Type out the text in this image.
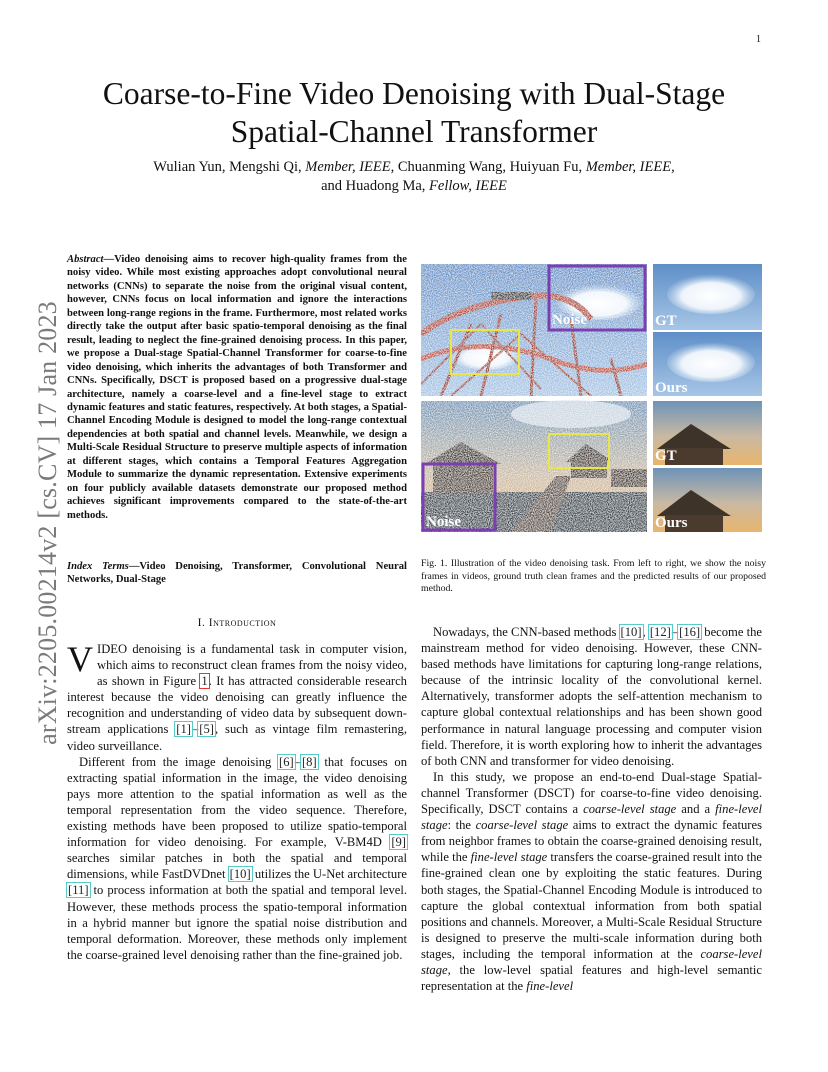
1
arXiv:2205.00214v2 [cs.CV] 17 Jan 2023
Coarse-to-Fine Video Denoising with Dual-Stage
Spatial-Channel Transformer
Wulian Yun, Mengshi Qi, Member, IEEE, Chuanming Wang, Huiyuan Fu, Member, IEEE,
and Huadong Ma, Fellow, IEEE
Abstract—Video denoising aims to recover high-quality frames from the noisy video. While most existing approaches adopt convolutional neural networks (CNNs) to separate the noise from the original visual content, however, CNNs focus on local information and ignore the interactions between long-range regions in the frame. Furthermore, most related works directly take the output after basic spatio-temporal denoising as the final result, leading to neglect the fine-grained denoising process. In this paper, we propose a Dual-stage Spatial-Channel Transformer for coarse-to-fine video denoising, which inherits the advantages of both Transformer and CNNs. Specifically, DSCT is proposed based on a progressive dual-stage architecture, namely a coarse-level and a fine-level stage to extract dynamic features and static features, respectively. At both stages, a Spatial-Channel Encoding Module is designed to model the long-range contextual dependencies at both spatial and channel levels. Meanwhile, we design a Multi-Scale Residual Structure to preserve multiple aspects of information at different stages, which contains a Temporal Features Aggregation Module to summarize the dynamic representation. Extensive experiments on four publicly available datasets demonstrate our proposed method achieves significant improvements compared to the state-of-the-art methods.
Index Terms—Video Denoising, Transformer, Convolutional Neural Networks, Dual-Stage
I. Introduction

VIDEO denoising is a fundamental task in computer vision, which aims to reconstruct clean frames from the noisy video, as shown in Figure 1. It has attracted considerable research interest because the video denoising can greatly influence the recognition and understanding of video data by subsequent down-stream applications [1]–[5], such as vintage film remastering, video surveillance.

Different from the image denoising [6]–[8] that focuses on extracting spatial information in the image, the video denoising pays more attention to the spatial information as well as the temporal representation from the video sequence. Therefore, existing methods have been proposed to utilize spatio-temporal information for video denoising. For example, V-BM4D [9] searches similar patches in both the spatial and temporal dimensions, while FastDVDnet [10] utilizes the U-Net architecture [11] to process information at both the spatial and temporal level. However, these methods process the spatio-temporal information in a hybrid manner but ignore the spatial noise distribution and temporal deformation. Moreover, these methods only implement the coarse-grained level denoising rather than the fine-grained job.

Nowadays, the CNN-based methods [10], [12]–[16] become the mainstream method for video denoising. However, these CNN-based methods have limitations for capturing long-range relations, because of the intrinsic locality of the convolutional kernel. Alternatively, transformer adopts the self-attention mechanism to capture global contextual relationships and has been shown good performance in natural language processing and computer vision field. Therefore, it is worth exploring how to inherit the advantages of both CNN and transformer for video denoising.

In this study, we propose an end-to-end Dual-stage Spatial-channel Transformer (DSCT) for coarse-to-fine video denoising. Specifically, DSCT contains a coarse-level stage and a fine-level stage: the coarse-level stage aims to extract the dynamic features from neighbor frames to obtain the coarse-grained denoising result, while the fine-level stage transfers the coarse-grained result into the fine-grained clean one by exploiting the static features. During both stages, the Spatial-Channel Encoding Module is introduced to capture the global contextual information from both spatial positions and channels. Moreover, a Multi-Scale Residual Structure is designed to preserve the multi-scale information during both stages, including the temporal information at the coarse-level stage, the low-level spatial features and high-level semantic representation at the fine-level

Noise	GT
Ours
Noise
GT
Ours
Fig. 1. Illustration of the video denoising task. From left to right, we show the noisy frames in videos, ground truth clean frames and the predicted results of our proposed method.
